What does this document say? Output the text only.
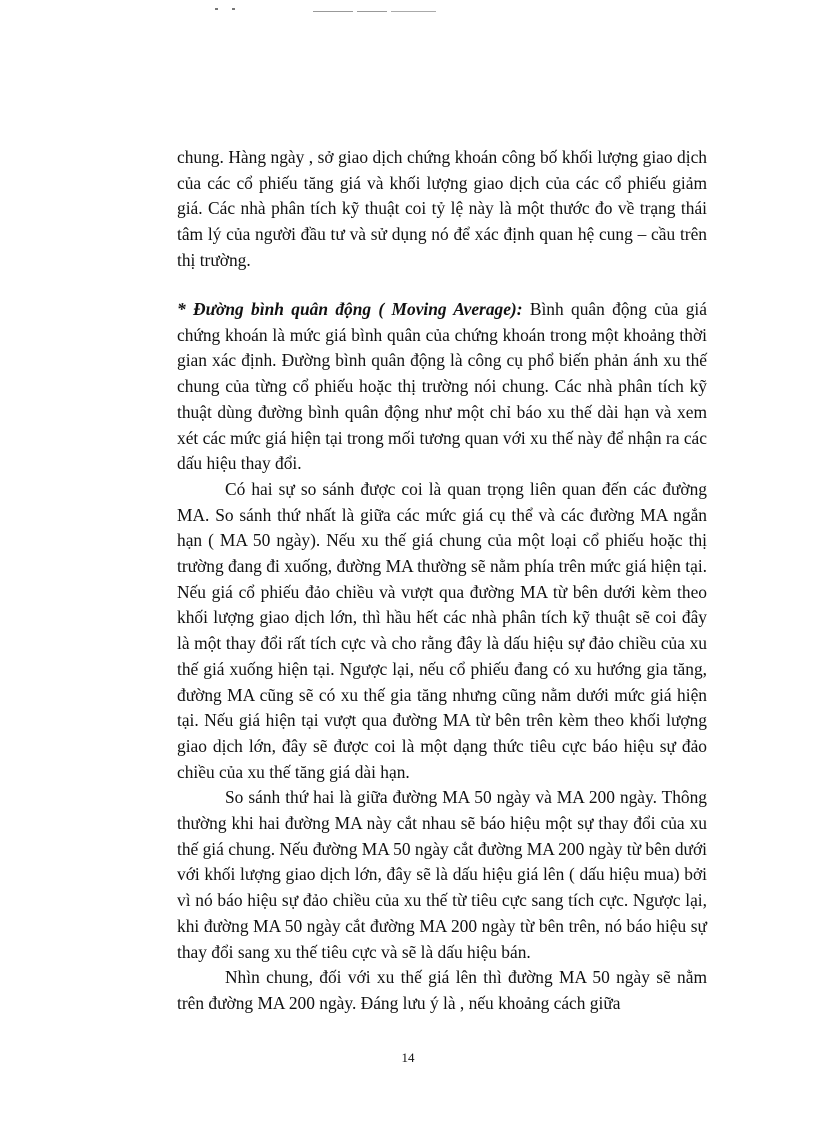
chung. Hàng ngày , sở giao dịch chứng khoán công bố khối lượng giao dịch của các cổ phiếu tăng giá và khối lượng giao dịch của các cổ phiếu giảm giá. Các nhà phân tích kỹ thuật coi tỷ lệ này là một thước đo về trạng thái tâm lý của người đầu tư và sử dụng nó để xác định quan hệ cung – cầu trên thị trường.

* Đường bình quân động ( Moving Average): Bình quân động của giá chứng khoán là mức giá bình quân của chứng khoán trong một khoảng thời gian xác định. Đường bình quân động là công cụ phổ biến phản ánh xu thế chung của từng cổ phiếu hoặc thị trường nói chung. Các nhà phân tích kỹ thuật dùng đường bình quân động như một chỉ báo xu thế dài hạn và xem xét các mức giá hiện tại trong mối tương quan với xu thế này để nhận ra các dấu hiệu thay đổi.

Có hai sự so sánh được coi là quan trọng liên quan đến các đường MA. So sánh thứ nhất là giữa các mức giá cụ thể và các đường MA ngắn hạn ( MA 50 ngày). Nếu xu thế giá chung của một loại cổ phiếu hoặc thị trường đang đi xuống, đường MA thường sẽ nằm phía trên mức giá hiện tại. Nếu giá cổ phiếu đảo chiều và vượt qua đường MA từ bên dưới kèm theo khối lượng giao dịch lớn, thì hầu hết các nhà phân tích kỹ thuật sẽ coi đây là một thay đổi rất tích cực và cho rằng đây là dấu hiệu sự đảo chiều của xu thế giá xuống hiện tại. Ngược lại, nếu cổ phiếu đang có xu hướng gia tăng, đường MA cũng sẽ có xu thế gia tăng nhưng cũng nằm dưới mức giá hiện tại. Nếu giá hiện tại vượt qua đường MA từ bên trên kèm theo khối lượng giao dịch lớn, đây sẽ được coi là một dạng thức tiêu cực báo hiệu sự đảo chiều của xu thế tăng giá dài hạn.

So sánh thứ hai là giữa đường MA 50 ngày và MA 200 ngày. Thông thường khi hai đường MA này cắt nhau sẽ báo hiệu một sự thay đổi của xu thế giá chung. Nếu đường MA 50 ngày cắt đường MA 200 ngày từ bên dưới với khối lượng giao dịch lớn, đây sẽ là dấu hiệu giá lên ( dấu hiệu mua) bởi vì nó báo hiệu sự đảo chiều của xu thế từ tiêu cực sang tích cực. Ngược lại, khi đường MA 50 ngày cắt đường MA 200 ngày từ bên trên, nó báo hiệu sự thay đổi sang xu thế tiêu cực và sẽ là dấu hiệu bán.

Nhìn chung, đối với xu thế giá lên thì đường MA 50 ngày sẽ nằm trên đường MA 200 ngày. Đáng lưu ý là , nếu khoảng cách giữa

14
